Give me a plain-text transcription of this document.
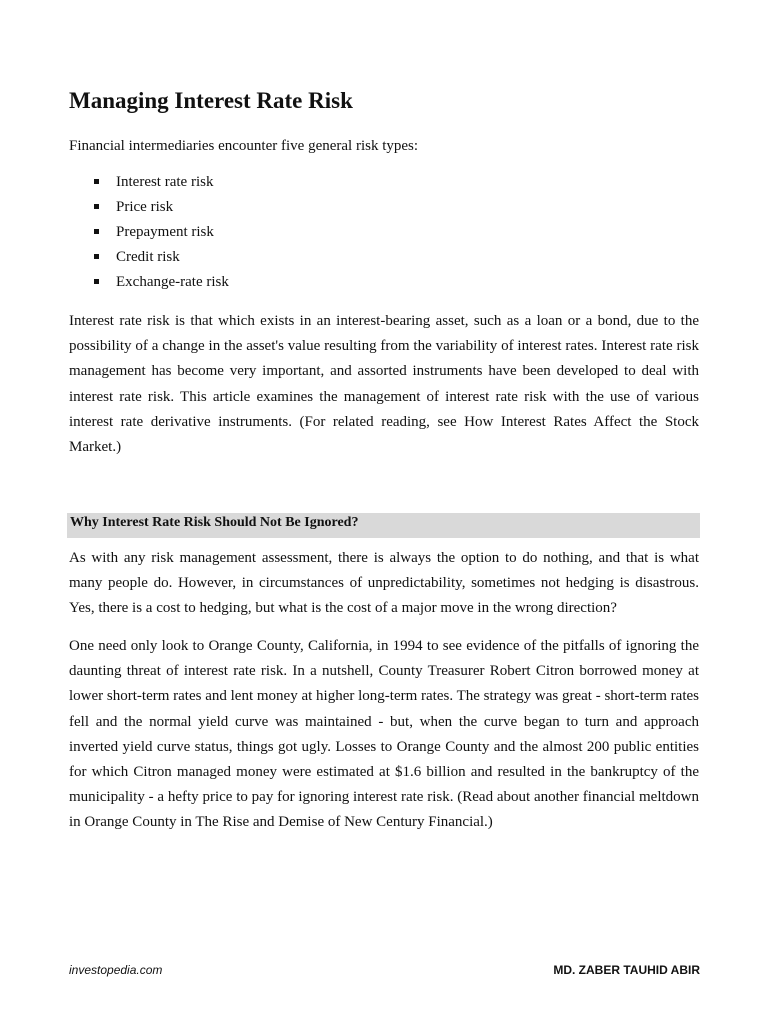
Managing Interest Rate Risk

Financial intermediaries encounter five general risk types:

Interest rate risk
Price risk
Prepayment risk
Credit risk
Exchange-rate risk

Interest rate risk is that which exists in an interest-bearing asset, such as a loan or a bond, due to the possibility of a change in the asset's value resulting from the variability of interest rates. Interest rate risk management has become very important, and assorted instruments have been developed to deal with interest rate risk. This article examines the management of interest rate risk with the use of various interest rate derivative instruments. (For related reading, see How Interest Rates Affect the Stock Market.)

Why Interest Rate Risk Should Not Be Ignored?

As with any risk management assessment, there is always the option to do nothing, and that is what many people do. However, in circumstances of unpredictability, sometimes not hedging is disastrous. Yes, there is a cost to hedging, but what is the cost of a major move in the wrong direction?

One need only look to Orange County, California, in 1994 to see evidence of the pitfalls of ignoring the daunting threat of interest rate risk. In a nutshell, County Treasurer Robert Citron borrowed money at lower short-term rates and lent money at higher long-term rates. The strategy was great - short-term rates fell and the normal yield curve was maintained - but, when the curve began to turn and approach inverted yield curve status, things got ugly. Losses to Orange County and the almost 200 public entities for which Citron managed money were estimated at $1.6 billion and resulted in the bankruptcy of the municipality - a hefty price to pay for ignoring interest rate risk. (Read about another financial meltdown in Orange County in The Rise and Demise of New Century Financial.)

investopedia.com	MD. ZABER TAUHID ABIR
